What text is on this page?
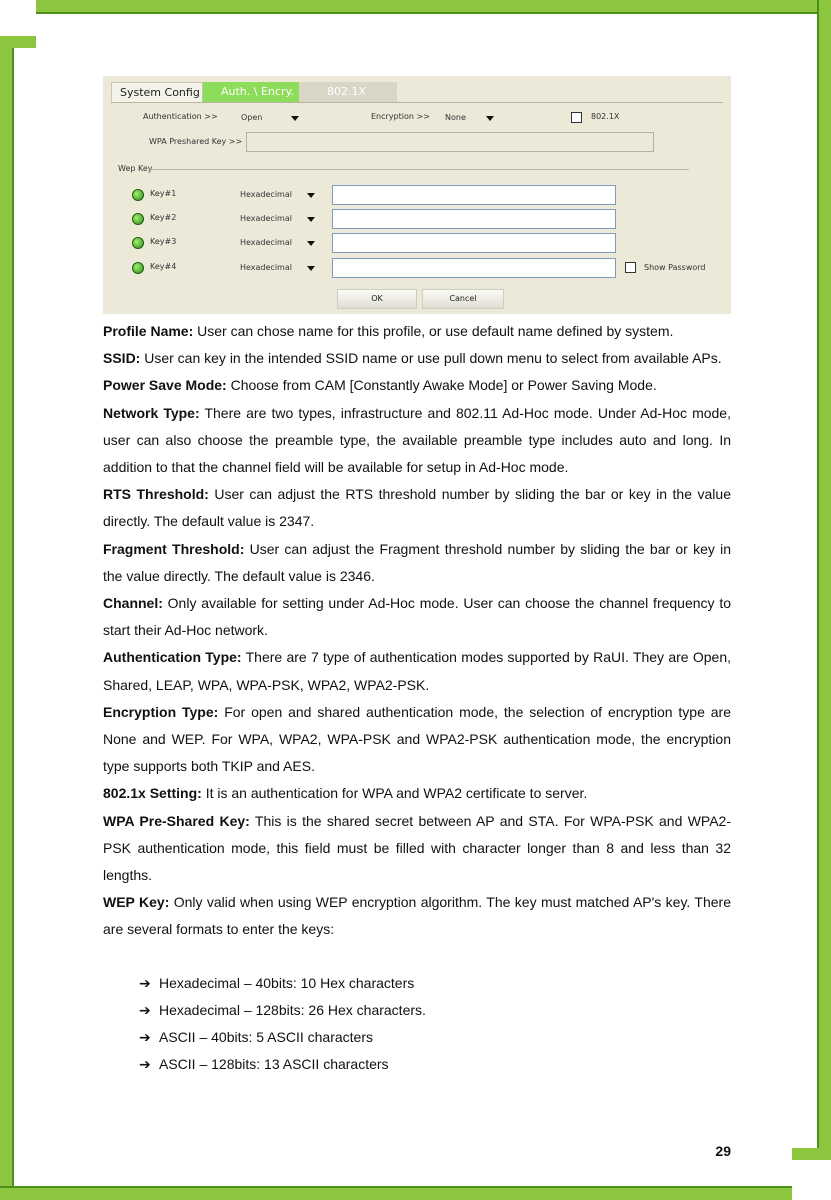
System Config	Auth. \ Encry.	802.1X
Authentication >>	Open	Encryption >> None	802.1X
WPA Preshared Key >>
Wep Key
Key#1	Hexadecimal
Key#2	Hexadecimal
Key#3	Hexadecimal
Key#4	Hexadecimal	Show Password
OK	Cancel

Profile Name: User can chose name for this profile, or use default name defined by system.

SSID: User can key in the intended SSID name or use pull down menu to select from available APs.

Power Save Mode: Choose from CAM [Constantly Awake Mode] or Power Saving Mode.

Network Type: There are two types, infrastructure and 802.11 Ad-Hoc mode. Under Ad-Hoc mode, user can also choose the preamble type, the available preamble type includes auto and long. In addition to that the channel field will be available for setup in Ad-Hoc mode.

RTS Threshold: User can adjust the RTS threshold number by sliding the bar or key in the value directly. The default value is 2347.

Fragment Threshold: User can adjust the Fragment threshold number by sliding the bar or key in the value directly. The default value is 2346.

Channel: Only available for setting under Ad-Hoc mode. User can choose the channel frequency to start their Ad-Hoc network.

Authentication Type: There are 7 type of authentication modes supported by RaUI. They are Open, Shared, LEAP, WPA, WPA-PSK, WPA2, WPA2-PSK.

Encryption Type: For open and shared authentication mode, the selection of encryption type are None and WEP. For WPA, WPA2, WPA-PSK and WPA2-PSK authentication mode, the encryption type supports both TKIP and AES.

802.1x Setting: It is an authentication for WPA and WPA2 certificate to server.

WPA Pre-Shared Key: This is the shared secret between AP and STA. For WPA-PSK and WPA2-PSK authentication mode, this field must be filled with character longer than 8 and less than 32 lengths.

WEP Key: Only valid when using WEP encryption algorithm. The key must matched AP's key. There are several formats to enter the keys:

➔ Hexadecimal – 40bits: 10 Hex characters
➔ Hexadecimal – 128bits: 26 Hex characters.
➔ ASCII – 40bits: 5 ASCII characters
➔ ASCII – 128bits: 13 ASCII characters
29
